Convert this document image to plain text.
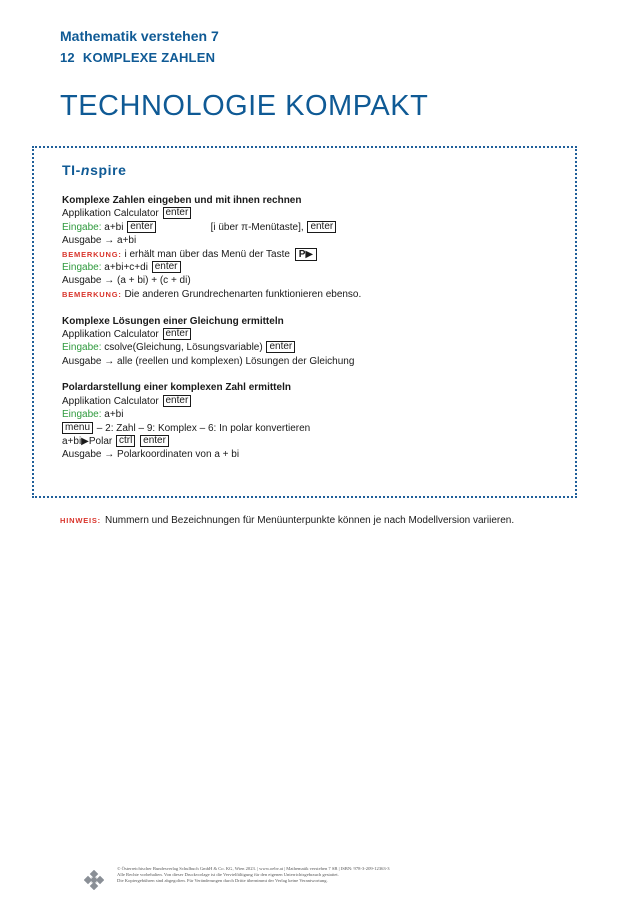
Mathematik verstehen 7
12 KOMPLEXE ZAHLEN
TECHNOLOGIE KOMPAKT
TI-nspire
Komplexe Zahlen eingeben und mit ihnen rechnen
Applikation Calculator enter
Eingabe: a+bi enter	[i über π-Menütaste], enter
Ausgabe → a+bi
BEMERKUNG: i erhält man über das Menü der Taste P▶
Eingabe: a+bi+c+di enter
Ausgabe → (a + bi) + (c + di)
BEMERKUNG: Die anderen Grundrechenarten funktionieren ebenso.
Komplexe Lösungen einer Gleichung ermitteln
Applikation Calculator enter
Eingabe: csolve(Gleichung, Lösungsvariable) enter
Ausgabe → alle (reellen und komplexen) Lösungen der Gleichung
Polardarstellung einer komplexen Zahl ermitteln
Applikation Calculator enter
Eingabe: a+bi
menu – 2: Zahl – 9: Komplex – 6: In polar konvertieren
a+bi▶Polar ctrl enter
Ausgabe → Polarkoordinaten von a + bi
HINWEIS: Nummern und Bezeichnungen für Menüunterpunkte können je nach Modellversion variieren.
© Österreichischer Bundesverlag Schulbuch GmbH & Co. KG, Wien 2023. | www.oebv.at | Mathematik verstehen 7 SB | ISBN: 978-3-209-12363-3
Alle Rechte vorbehalten. Von dieser Druckvorlage ist die Vervielfältigung für den eigenen Unterrichtsgebrauch gestattet.
Die Kopiergebühren sind abgegolten. Für Veränderungen durch Dritte übernimmt der Verlag keine Verantwortung.
